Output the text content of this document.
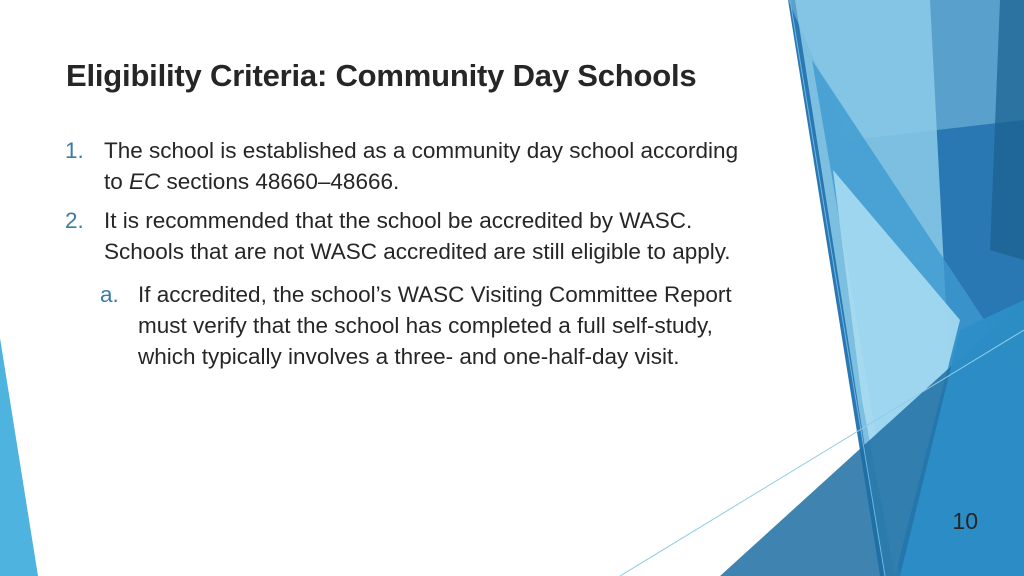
Eligibility Criteria: Community Day Schools
1. The school is established as a community day school according
to EC sections 48660–48666.
2. It is recommended that the school be accredited by WASC.
Schools that are not WASC accredited are still eligible to apply.
a. If accredited, the school’s WASC Visiting Committee Report
must verify that the school has completed a full self-study,
which typically involves a three- and one-half-day visit.
10
